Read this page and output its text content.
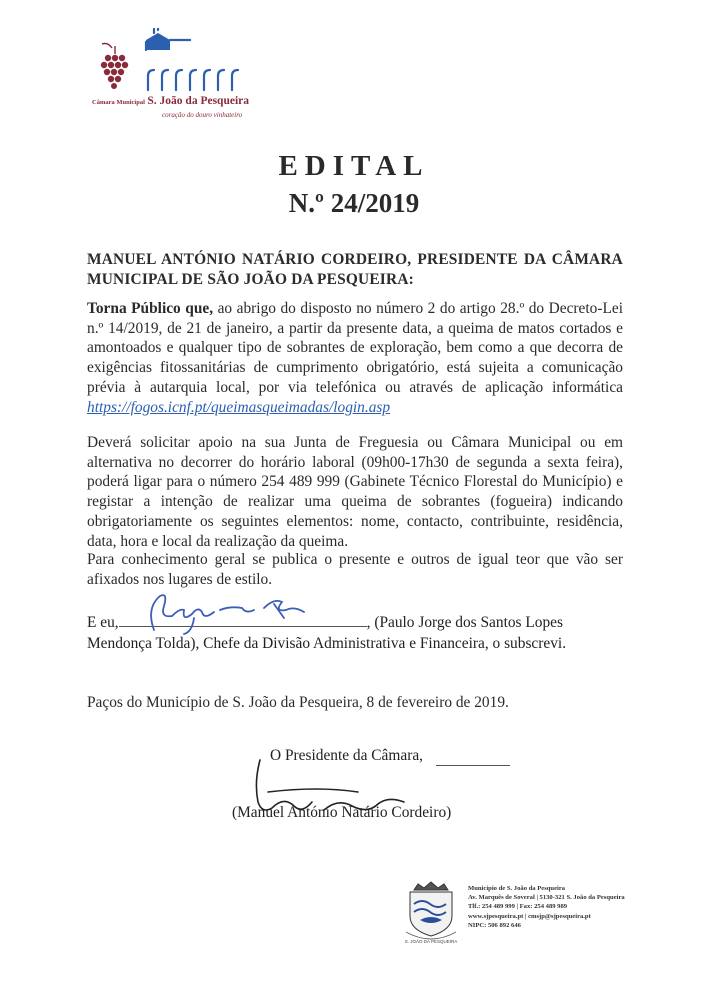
Câmara Municipal S. João da Pesqueira
coração do douro vinhateiro
EDITAL
N.º 24/2019
MANUEL ANTÓNIO NATÁRIO CORDEIRO, PRESIDENTE DA CÂMARA MUNICIPAL DE SÃO JOÃO DA PESQUEIRA:
Torna Público que, ao abrigo do disposto no número 2 do artigo 28.º do Decreto-Lei n.º 14/2019, de 21 de janeiro, a partir da presente data, a queima de matos cortados e amontoados e qualquer tipo de sobrantes de exploração, bem como a que decorra de exigências fitossanitárias de cumprimento obrigatório, está sujeita a comunicação prévia à autarquia local, por via telefónica ou através de aplicação informática https://fogos.icnf.pt/queimasqueimadas/login.asp
Deverá solicitar apoio na sua Junta de Freguesia ou Câmara Municipal ou em alternativa no decorrer do horário laboral (09h00-17h30 de segunda a sexta feira), poderá ligar para o número 254 489 999 (Gabinete Técnico Florestal do Município) e registar a intenção de realizar uma queima de sobrantes (fogueira) indicando obrigatoriamente os seguintes elementos: nome, contacto, contribuinte, residência, data, hora e local da realização da queima.
Para conhecimento geral se publica o presente e outros de igual teor que vão ser afixados nos lugares de estilo.
E eu,	, (Paulo Jorge dos Santos Lopes Mendonça Tolda), Chefe da Divisão Administrativa e Financeira, o subscrevi.
Paços do Município de S. João da Pesqueira, 8 de fevereiro de 2019.
O Presidente da Câmara,
(Manuel António Natário Cordeiro)
S. JOÃO DA PESQUEIRA
Município de S. João da Pesqueira
Av. Marquês de Soveral | 5130-321 S. João da Pesqueira
Tlf.: 254 489 999 | Fax: 254 489 989
www.sjpesqueira.pt | cmsjp@sjpesqueira.pt
NIPC: 506 892 646
